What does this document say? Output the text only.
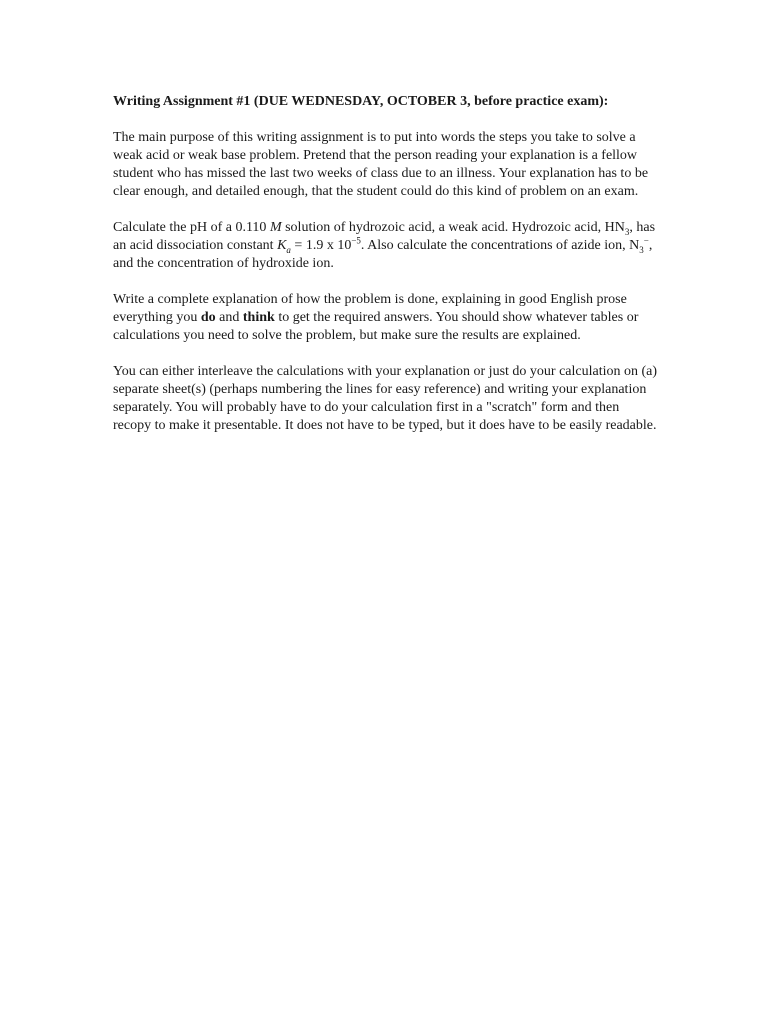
Writing Assignment #1 (DUE WEDNESDAY, OCTOBER 3, before practice exam):

The main purpose of this writing assignment is to put into words the steps you take to solve a weak acid or weak base problem. Pretend that the person reading your explanation is a fellow student who has missed the last two weeks of class due to an illness. Your explanation has to be clear enough, and detailed enough, that the student could do this kind of problem on an exam.

Calculate the pH of a 0.110 M solution of hydrozoic acid, a weak acid. Hydrozoic acid, $HN_3$, has an acid dissociation constant $K_a = 1.9$ x $10^{-5}$. Also calculate the concentrations of azide ion, $N_3^-$, and the concentration of hydroxide ion.

Write a complete explanation of how the problem is done, explaining in good English prose everything you do and think to get the required answers. You should show whatever tables or calculations you need to solve the problem, but make sure the results are explained.

You can either interleave the calculations with your explanation or just do your calculation on (a) separate sheet(s) (perhaps numbering the lines for easy reference) and writing your explanation separately. You will probably have to do your calculation first in a "scratch" form and then recopy to make it presentable. It does not have to be typed, but it does have to be easily readable.
